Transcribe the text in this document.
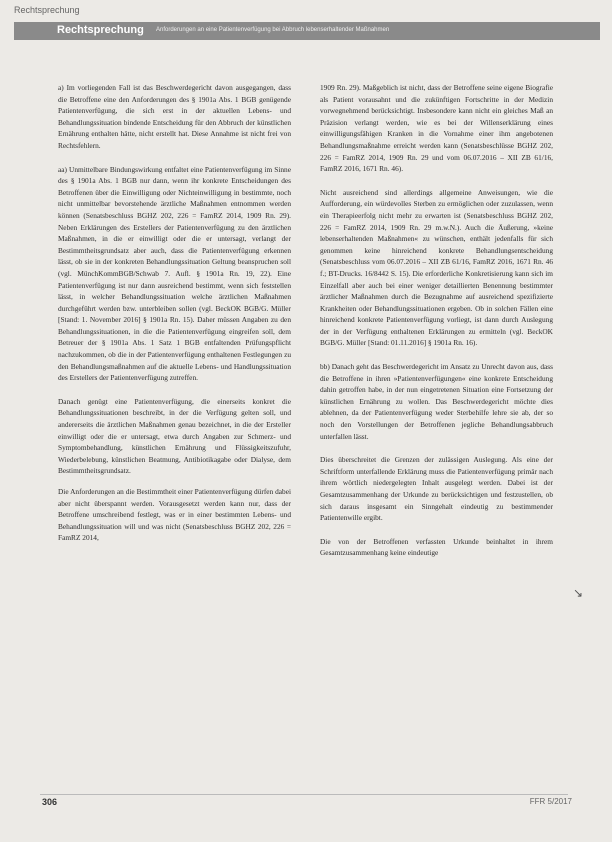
Rechtsprechung
Rechtsprechung Anforderungen an eine Patientenverfügung bei Abbruch lebenserhaltender Maßnahmen

a) Im vorliegenden Fall ist das Beschwerdegericht davon ausgegangen, dass die Betroffene eine den Anforderungen des § 1901a Abs. 1 BGB genügende Patientenverfügung, die sich erst in der aktuellen Lebens- und Behandlungssituation bindende Entscheidung für den Abbruch der künstlichen Ernährung enthalten hätte, nicht erstellt hat. Diese Annahme ist nicht frei von Rechtsfehlern.

aa) Unmittelbare Bindungswirkung entfaltet eine Patientenverfügung im Sinne des § 1901a Abs. 1 BGB nur dann, wenn ihr konkrete Entscheidungen des Betroffenen über die Einwilligung oder Nichteinwilligung in bestimmte, noch nicht unmittelbar bevorstehende ärztliche Maßnahmen entnommen werden können (Senatsbeschluss BGHZ 202, 226 = FamRZ 2014, 1909 Rn. 29). Neben Erklärungen des Erstellers der Patientenverfügung zu den ärztlichen Maßnahmen, in die er einwilligt oder die er untersagt, verlangt der Bestimmtheitsgrundsatz aber auch, dass die Patientenverfügung erkennen lässt, ob sie in der konkreten Behandlungssituation Geltung beanspruchen soll (vgl. MünchKommBGB/Schwab 7. Aufl. § 1901a Rn. 19, 22). Eine Patientenverfügung ist nur dann ausreichend bestimmt, wenn sich feststellen lässt, in welcher Behandlungssituation welche ärztlichen Maßnahmen durchgeführt werden bzw. unterbleiben sollen (vgl. BeckOK BGB/G. Müller [Stand: 1. November 2016] § 1901a Rn. 15). Daher müssen Angaben zu den Behandlungssituationen, in die die Patientenverfügung eingreifen soll, dem Betreuer der § 1901a Abs. 1 Satz 1 BGB entfaltenden Prüfungspflicht nachzukommen, ob die in der Patientenverfügung enthaltenen Festlegungen zu den Behandlungsmaßnahmen auf die aktuelle Lebens- und Handlungssituation des Erstellers der Patientenverfügung zutreffen.

Danach genügt eine Patientenverfügung, die einerseits konkret die Behandlungssituationen beschreibt, in der die Verfügung gelten soll, und andererseits die ärztlichen Maßnahmen genau bezeichnet, in die der Ersteller einwilligt oder die er untersagt, etwa durch Angaben zur Schmerz- und Symptombehandlung, künstlichen Ernährung und Flüssigkeitszufuhr, Wiederbelebung, künstlichen Beatmung, Antibiotikagabe oder Dialyse, dem Bestimmtheitsgrundsatz.

Die Anforderungen an die Bestimmtheit einer Patientenverfügung dürfen dabei aber nicht überspannt werden. Vorausgesetzt werden kann nur, dass der Betroffene umschreibend festlegt, was er in einer bestimmten Lebens- und Behandlungssituation will und was nicht (Senatsbeschluss BGHZ 202, 226 = FamRZ 2014,

1909 Rn. 29). Maßgeblich ist nicht, dass der Betroffene seine eigene Biografie als Patient vorausahnt und die zukünftigen Fortschritte in der Medizin vorwegnehmend berücksichtigt. Insbesondere kann nicht ein gleiches Maß an Präzision verlangt werden, wie es bei der Willenserklärung eines einwilligungsfähigen Kranken in die Vornahme einer ihm angebotenen Behandlungsmaßnahme erreicht werden kann (Senatsbeschlüsse BGHZ 202, 226 = FamRZ 2014, 1909 Rn. 29 und vom 06.07.2016 – XII ZB 61/16, FamRZ 2016, 1671 Rn. 46).

Nicht ausreichend sind allerdings allgemeine Anweisungen, wie die Aufforderung, ein würdevolles Sterben zu ermöglichen oder zuzulassen, wenn ein Therapieerfolg nicht mehr zu erwarten ist (Senatsbeschluss BGHZ 202, 226 = FamRZ 2014, 1909 Rn. 29 m.w.N.). Auch die Äußerung, »keine lebenserhaltenden Maßnahmen« zu wünschen, enthält jedenfalls für sich genommen keine hinreichend konkrete Behandlungsentscheidung (Senatsbeschluss vom 06.07.2016 – XII ZB 61/16, FamRZ 2016, 1671 Rn. 46 f.; BT-Drucks. 16/8442 S. 15). Die erforderliche Konkretisierung kann sich im Einzelfall aber auch bei einer weniger detaillierten Benennung bestimmter ärztlicher Maßnahmen durch die Bezugnahme auf ausreichend spezifizierte Krankheiten oder Behandlungssituationen ergeben. Ob in solchen Fällen eine hinreichend konkrete Patientenverfügung vorliegt, ist dann durch Auslegung der in der Verfügung enthaltenen Erklärungen zu ermitteln (vgl. BeckOK BGB/G. Müller [Stand: 01.11.2016] § 1901a Rn. 16).

bb) Danach geht das Beschwerdegericht im Ansatz zu Unrecht davon aus, dass die Betroffene in ihren »Patientenverfügungen« eine konkrete Entscheidung dahin getroffen habe, in der nun eingetretenen Situation eine Fortsetzung der künstlichen Ernährung zu wollen. Das Beschwerdegericht möchte dies ablehnen, da der Patientenverfügung weder Sterbehilfe lehre sie ab, der so noch den Vorstellungen der Betroffenen jegliche Behandlungsabbruch unterfallen lässt.

Dies überschreitet die Grenzen der zulässigen Auslegung. Als eine der Schriftform unterfallende Erklärung muss die Patientenverfügung primär nach ihrem wörtlich niedergelegten Inhalt ausgelegt werden. Dabei ist der Gesamtzusammenhang der Urkunde zu berücksichtigen und festzustellen, ob sich daraus insgesamt ein Sinngehalt eindeutig zu bestimmender Patientenwille ergibt.

Die von der Betroffenen verfassten Urkunde beinhaltet in ihrem Gesamtzusammenhang keine eindeutige

↘
306	FFR 5/2017
